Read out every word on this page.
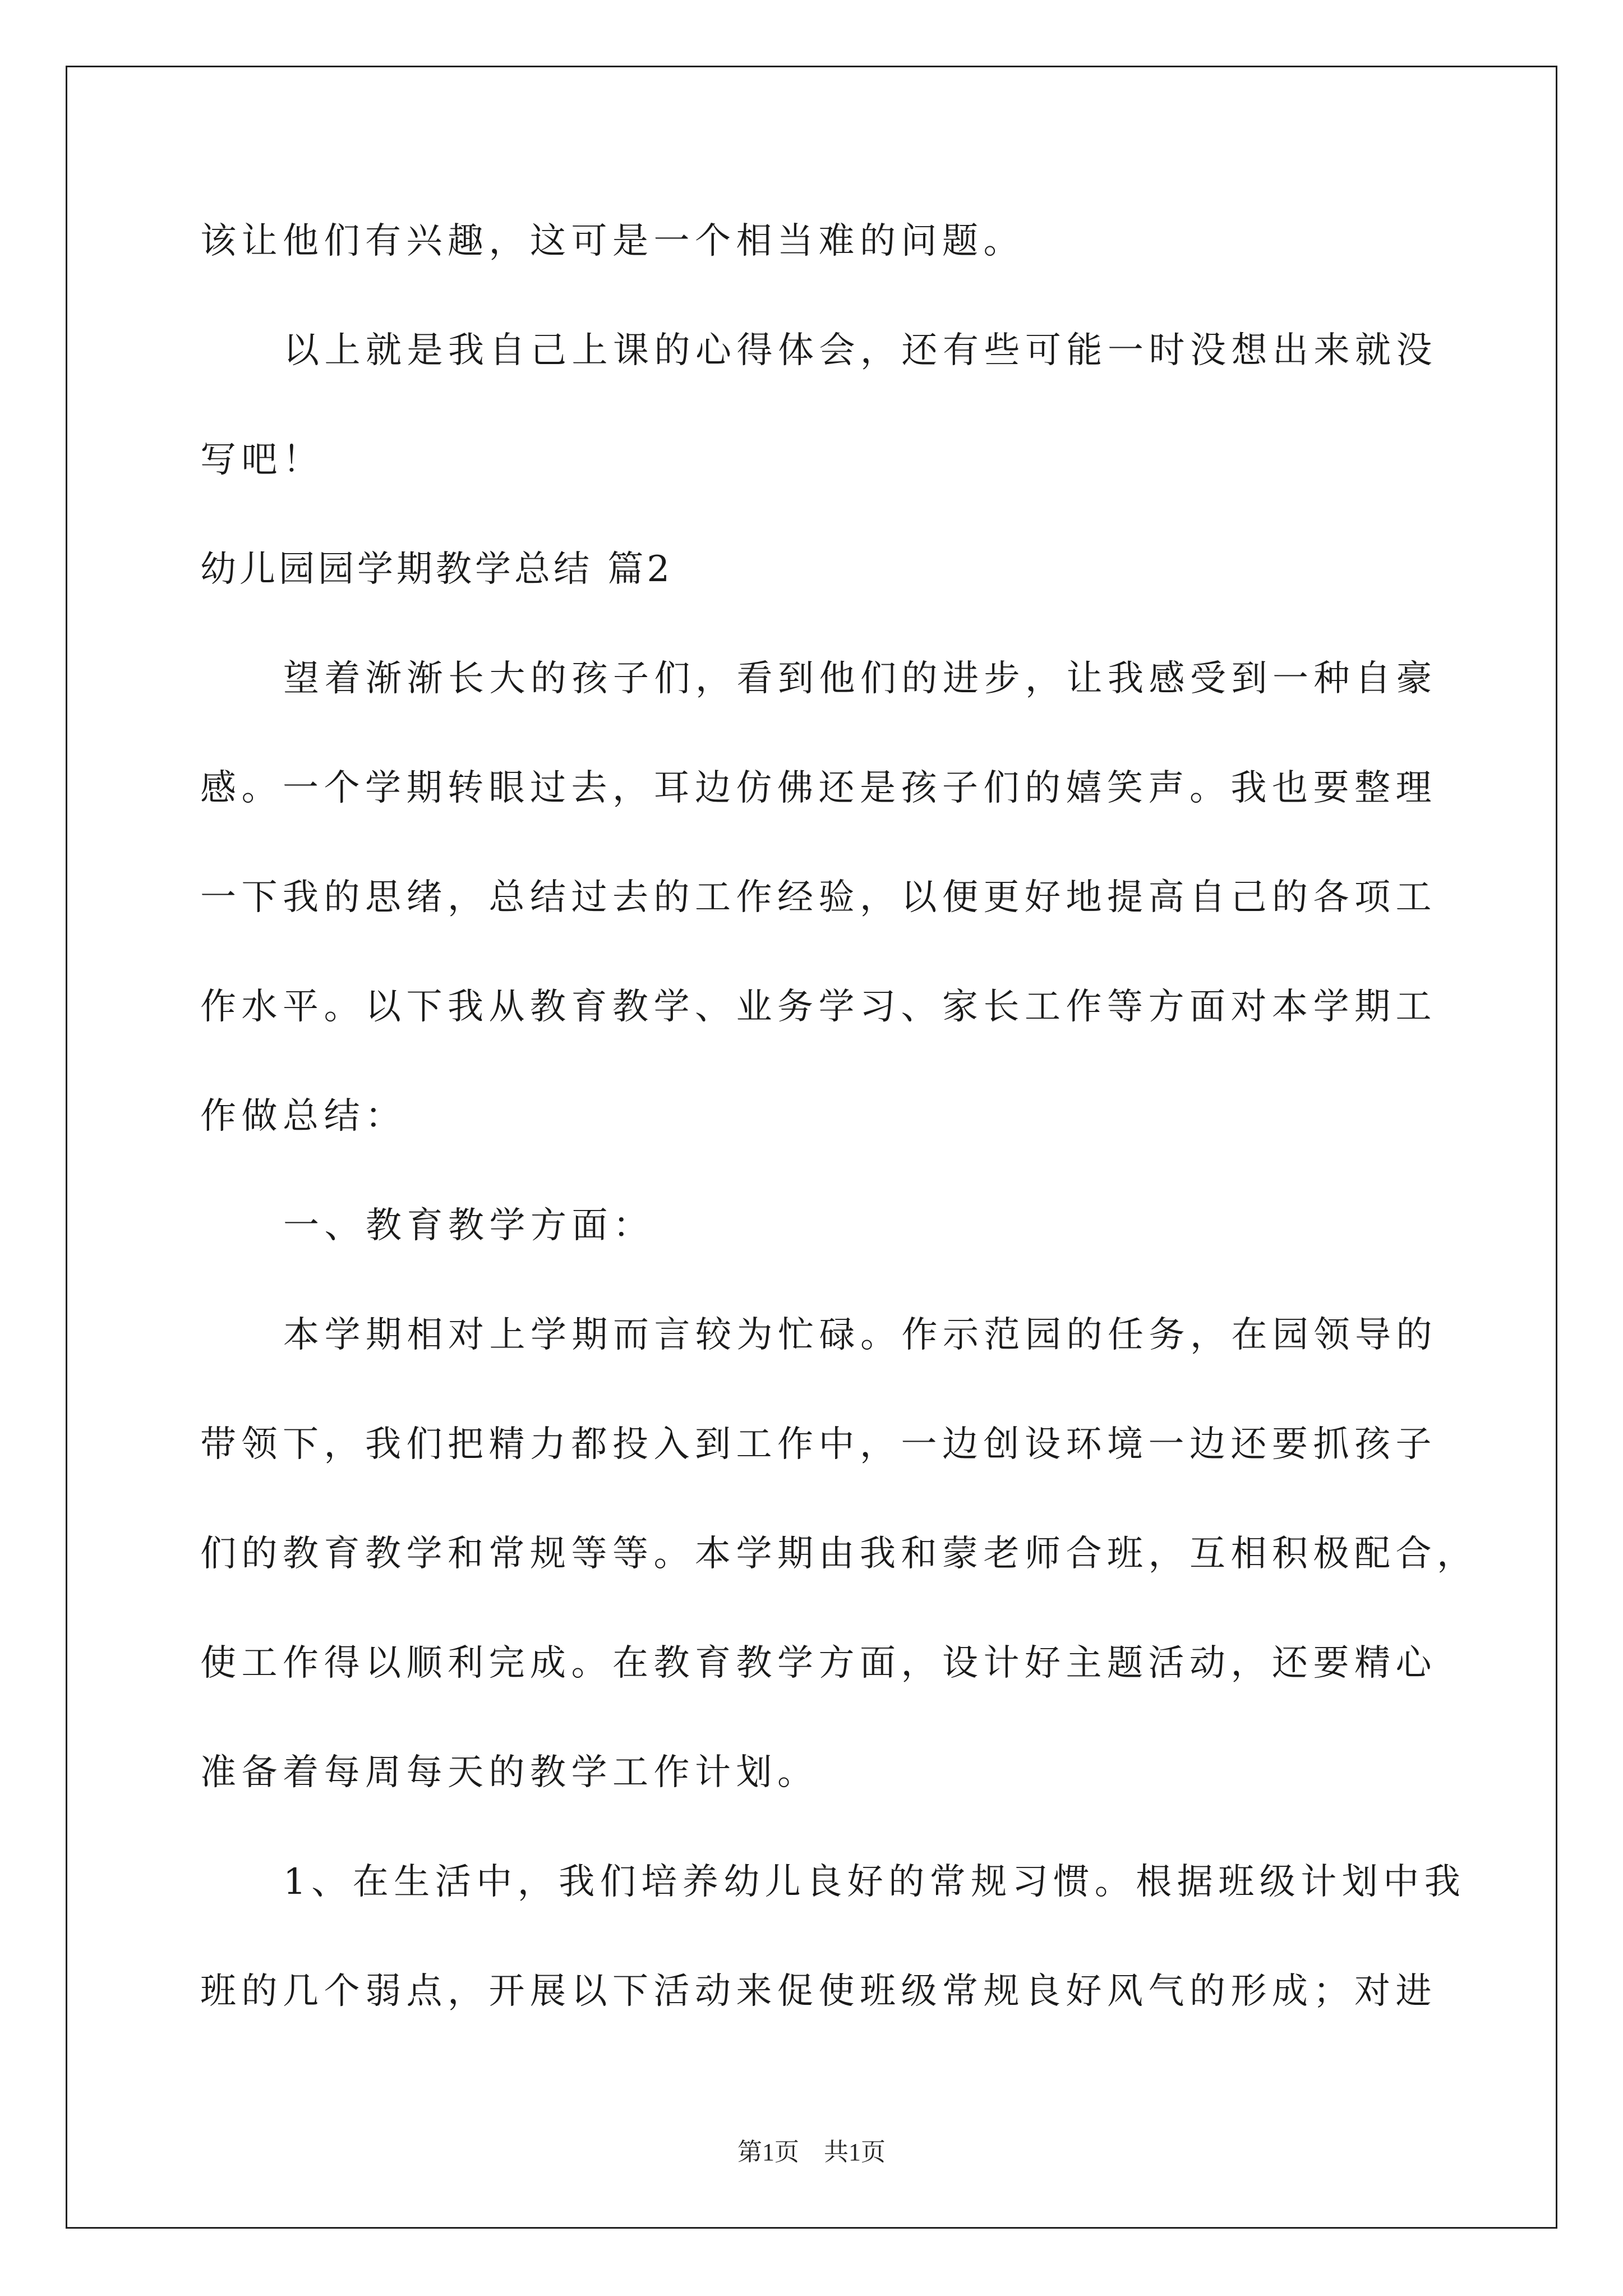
该让他们有兴趣，这可是一个相当难的问题。
以上就是我自己上课的心得体会，还有些可能一时没想出来就没
写吧！
幼儿园园学期教学总结 篇2
望着渐渐长大的孩子们，看到他们的进步，让我感受到一种自豪
感。一个学期转眼过去，耳边仿佛还是孩子们的嬉笑声。我也要整理
一下我的思绪，总结过去的工作经验，以便更好地提高自己的各项工
作水平。以下我从教育教学、业务学习、家长工作等方面对本学期工
作做总结：
一、教育教学方面：
本学期相对上学期而言较为忙碌。作示范园的任务，在园领导的
带领下，我们把精力都投入到工作中，一边创设环境一边还要抓孩子
们的教育教学和常规等等。本学期由我和蒙老师合班，互相积极配合，
使工作得以顺利完成。在教育教学方面，设计好主题活动，还要精心
准备着每周每天的教学工作计划。
1、在生活中，我们培养幼儿良好的常规习惯。根据班级计划中我
班的几个弱点，开展以下活动来促使班级常规良好风气的形成；对进
第1页　共1页
